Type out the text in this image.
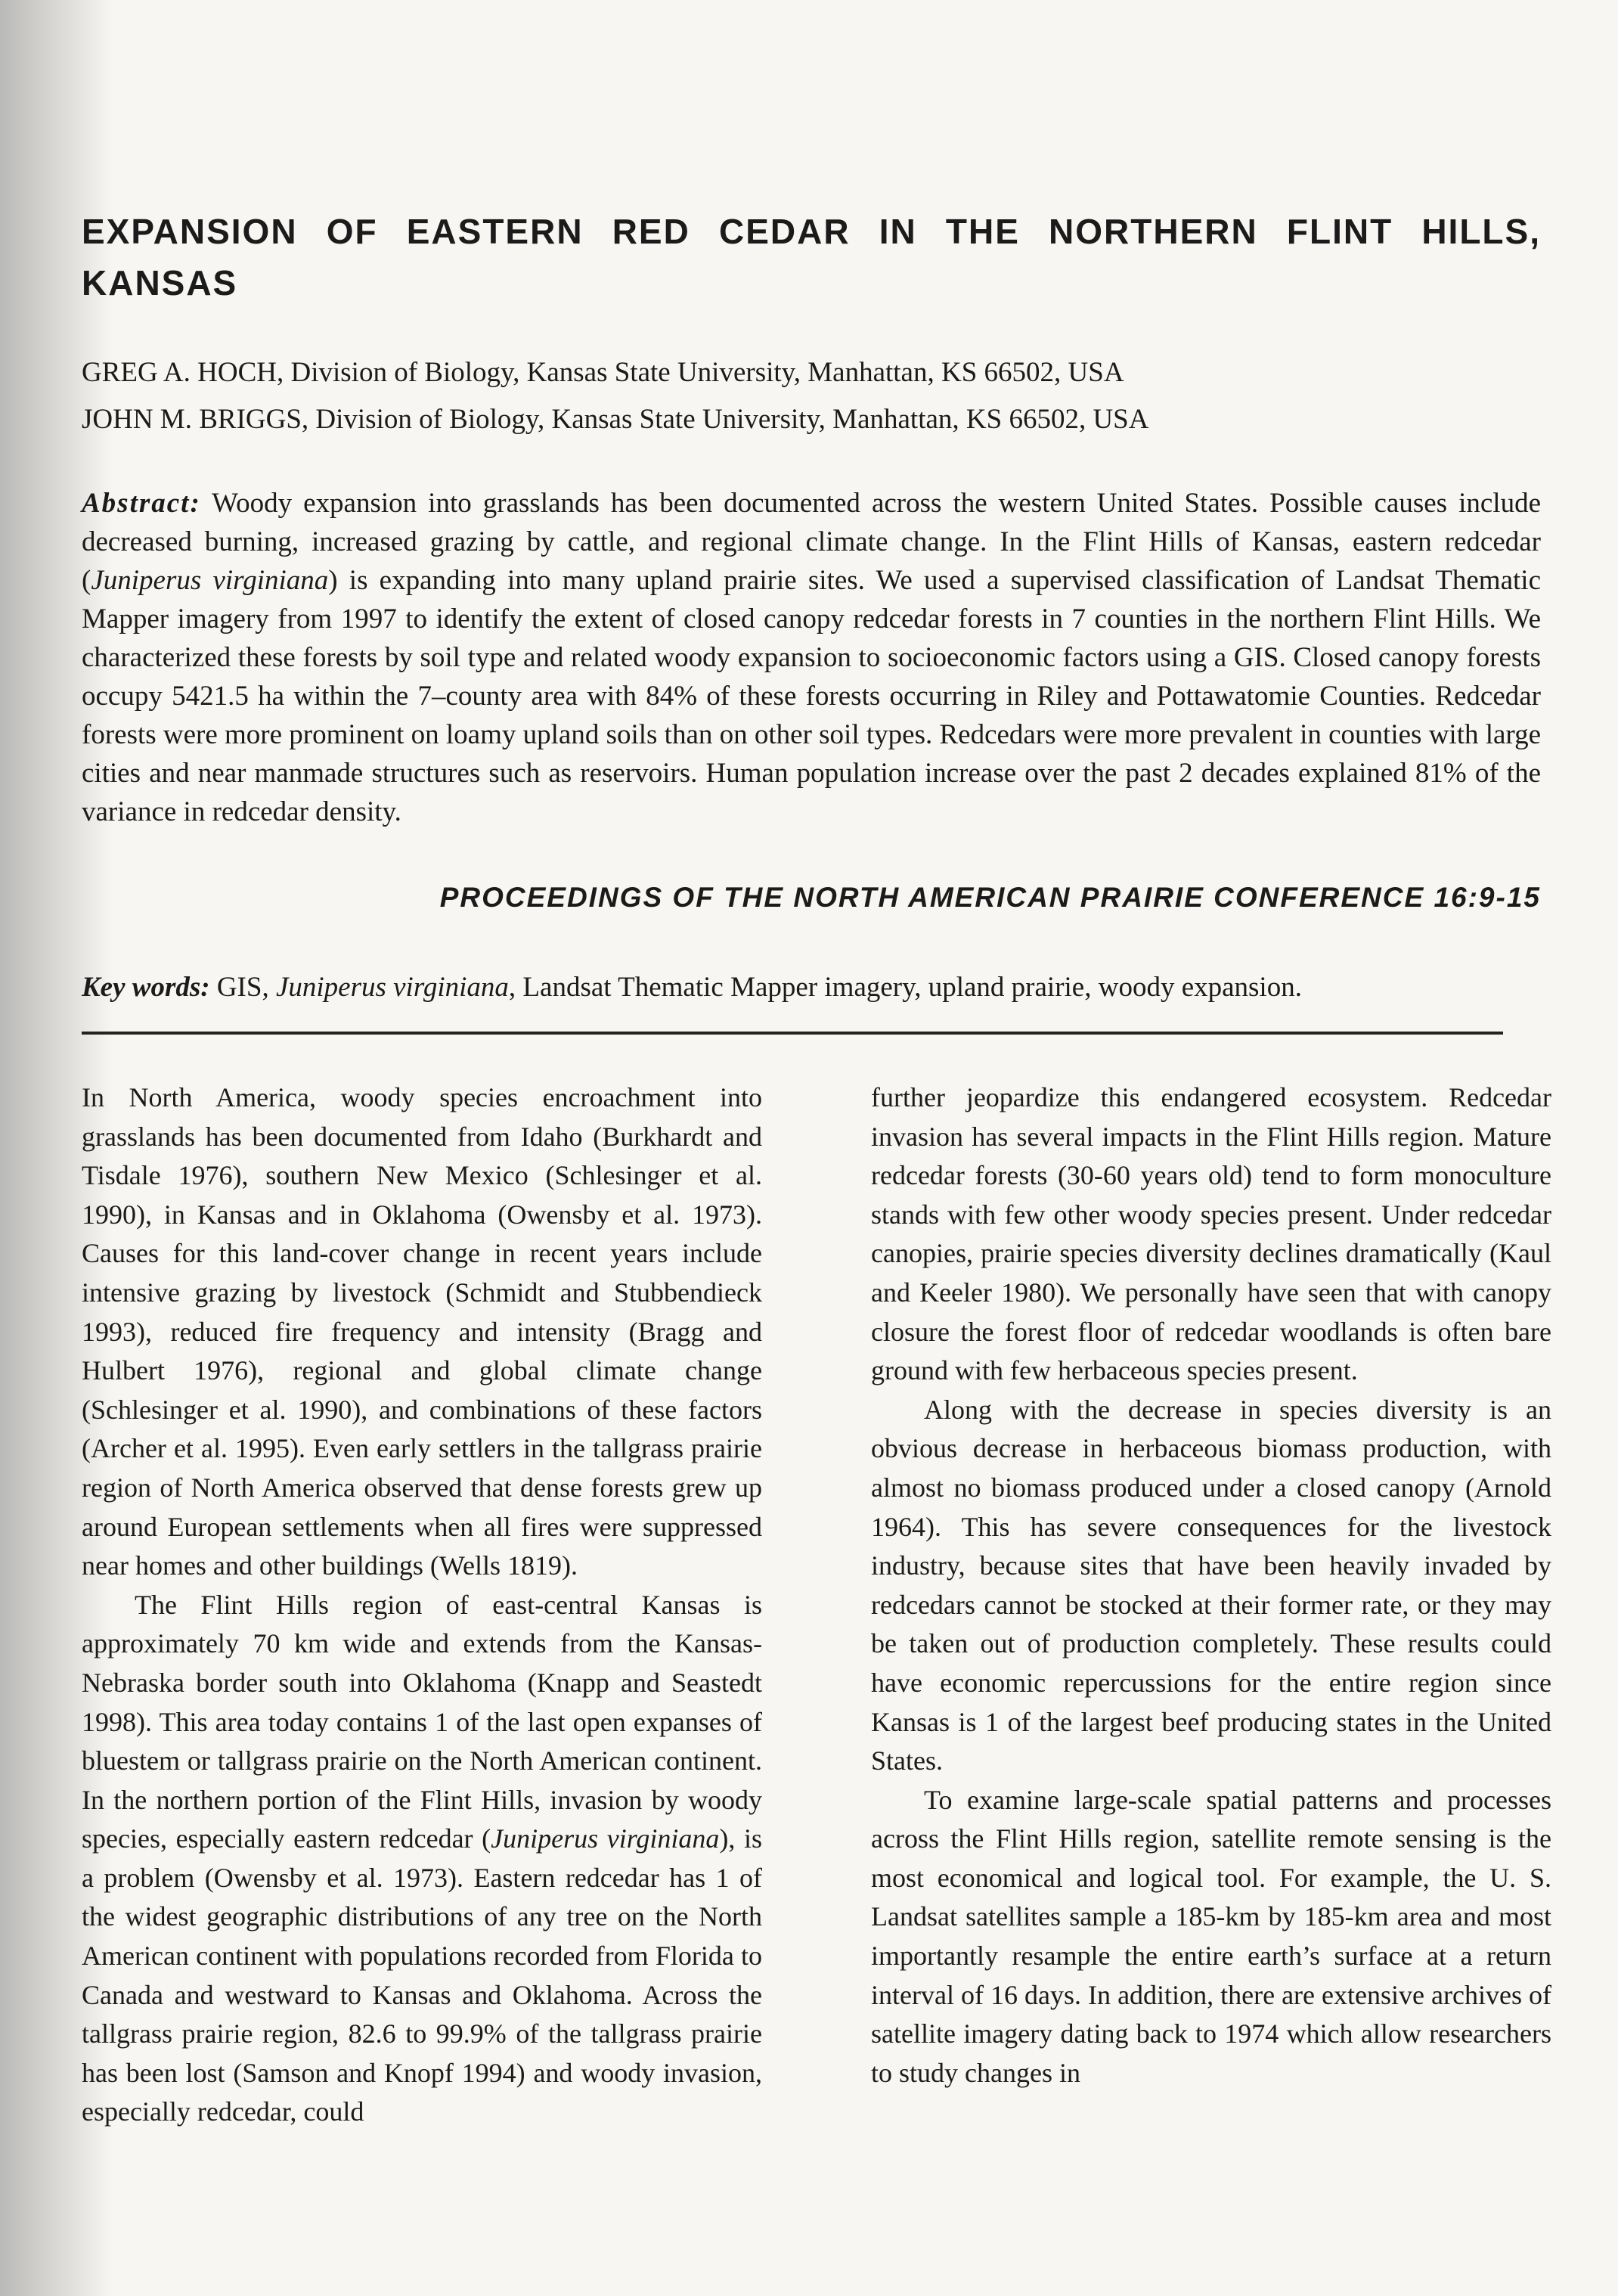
EXPANSION OF EASTERN RED CEDAR IN THE NORTHERN FLINT HILLS, KANSAS

GREG A. HOCH, Division of Biology, Kansas State University, Manhattan, KS 66502, USA

JOHN M. BRIGGS, Division of Biology, Kansas State University, Manhattan, KS 66502, USA

Abstract: Woody expansion into grasslands has been documented across the western United States. Possible causes include decreased burning, increased grazing by cattle, and regional climate change. In the Flint Hills of Kansas, eastern redcedar (Juniperus virginiana) is expanding into many upland prairie sites. We used a supervised classification of Landsat Thematic Mapper imagery from 1997 to identify the extent of closed canopy redcedar forests in 7 counties in the northern Flint Hills. We characterized these forests by soil type and related woody expansion to socioeconomic factors using a GIS. Closed canopy forests occupy 5421.5 ha within the 7–county area with 84% of these forests occurring in Riley and Pottawatomie Counties. Redcedar forests were more prominent on loamy upland soils than on other soil types. Redcedars were more prevalent in counties with large cities and near manmade structures such as reservoirs. Human population increase over the past 2 decades explained 81% of the variance in redcedar density.

PROCEEDINGS OF THE NORTH AMERICAN PRAIRIE CONFERENCE 16:9-15

Key words: GIS, Juniperus virginiana, Landsat Thematic Mapper imagery, upland prairie, woody expansion.

In North America, woody species encroachment into grasslands has been documented from Idaho (Burkhardt and Tisdale 1976), southern New Mexico (Schlesinger et al. 1990), in Kansas and in Oklahoma (Owensby et al. 1973). Causes for this land-cover change in recent years include intensive grazing by livestock (Schmidt and Stubbendieck 1993), reduced fire frequency and intensity (Bragg and Hulbert 1976), regional and global climate change (Schlesinger et al. 1990), and combinations of these factors (Archer et al. 1995). Even early settlers in the tallgrass prairie region of North America observed that dense forests grew up around European settlements when all fires were suppressed near homes and other buildings (Wells 1819).

The Flint Hills region of east-central Kansas is approximately 70 km wide and extends from the Kansas-Nebraska border south into Oklahoma (Knapp and Seastedt 1998). This area today contains 1 of the last open expanses of bluestem or tallgrass prairie on the North American continent. In the northern portion of the Flint Hills, invasion by woody species, especially eastern redcedar (Juniperus virginiana), is a problem (Owensby et al. 1973). Eastern redcedar has 1 of the widest geographic distributions of any tree on the North American continent with populations recorded from Florida to Canada and westward to Kansas and Oklahoma. Across the tallgrass prairie region, 82.6 to 99.9% of the tallgrass prairie has been lost (Samson and Knopf 1994) and woody invasion, especially redcedar, could

further jeopardize this endangered ecosystem. Redcedar invasion has several impacts in the Flint Hills region. Mature redcedar forests (30-60 years old) tend to form monoculture stands with few other woody species present. Under redcedar canopies, prairie species diversity declines dramatically (Kaul and Keeler 1980). We personally have seen that with canopy closure the forest floor of redcedar woodlands is often bare ground with few herbaceous species present.

Along with the decrease in species diversity is an obvious decrease in herbaceous biomass production, with almost no biomass produced under a closed canopy (Arnold 1964). This has severe consequences for the livestock industry, because sites that have been heavily invaded by redcedars cannot be stocked at their former rate, or they may be taken out of production completely. These results could have economic repercussions for the entire region since Kansas is 1 of the largest beef producing states in the United States.

To examine large-scale spatial patterns and processes across the Flint Hills region, satellite remote sensing is the most economical and logical tool. For example, the U. S. Landsat satellites sample a 185-km by 185-km area and most importantly resample the entire earth’s surface at a return interval of 16 days. In addition, there are extensive archives of satellite imagery dating back to 1974 which allow researchers to study changes in
